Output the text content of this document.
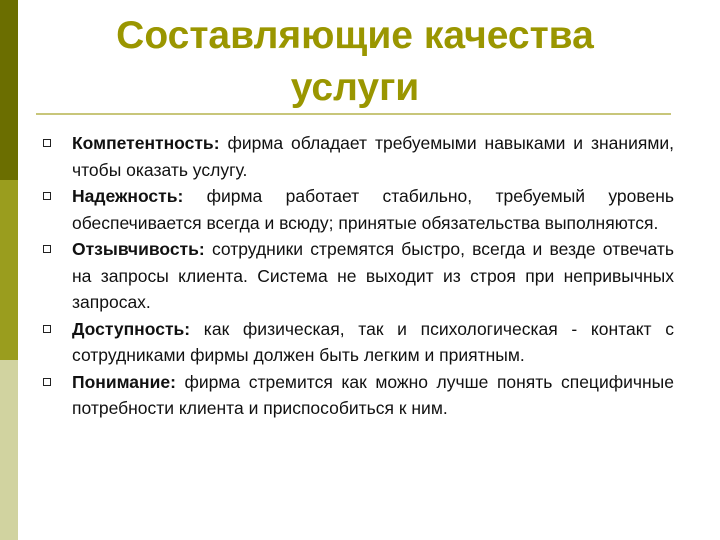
Составляющие качества
услуги
Компетентность: фирма обладает требуемыми навыками и знаниями, чтобы оказать услугу.
Надежность: фирма работает стабильно, требуемый уровень обеспечивается всегда и всюду; принятые обязательства выполняются.
Отзывчивость: сотрудники стремятся быстро, всегда и везде отвечать на запросы клиента. Система не выходит из строя при непривычных запросах.
Доступность: как физическая, так и психологическая - контакт с сотрудниками фирмы должен быть легким и приятным.
Понимание: фирма стремится как можно лучше понять специфичные потребности клиента и приспособиться к ним.
